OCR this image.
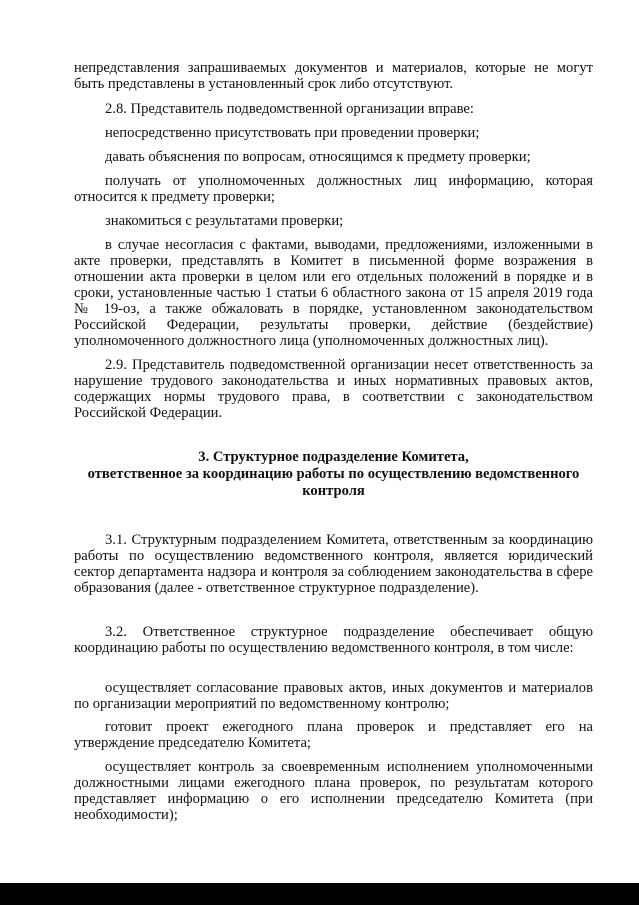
непредставления запрашиваемых документов и материалов, которые не могут быть представлены в установленный срок либо отсутствуют.

2.8. Представитель подведомственной организации вправе:

непосредственно присутствовать при проведении проверки;

давать объяснения по вопросам, относящимся к предмету проверки;

получать от уполномоченных должностных лиц информацию, которая относится к предмету проверки;

знакомиться с результатами проверки;

в случае несогласия с фактами, выводами, предложениями, изложенными в акте проверки, представлять в Комитет в письменной форме возражения в отношении акта проверки в целом или его отдельных положений в порядке и в сроки, установленные частью 1 статьи 6 областного закона от 15 апреля 2019 года № 19-оз, а также обжаловать в порядке, установленном законодательством Российской Федерации, результаты проверки, действие (бездействие) уполномоченного должностного лица (уполномоченных должностных лиц).

2.9. Представитель подведомственной организации несет ответственность за нарушение трудового законодательства и иных нормативных правовых актов, содержащих нормы трудового права, в соответствии с законодательством Российской Федерации.

3. Структурное подразделение Комитета,
ответственное за координацию работы по осуществлению ведомственного
контроля

3.1. Структурным подразделением Комитета, ответственным за координацию работы по осуществлению ведомственного контроля, является юридический сектор департамента надзора и контроля за соблюдением законодательства в сфере образования (далее - ответственное структурное подразделение).

3.2. Ответственное структурное подразделение обеспечивает общую координацию работы по осуществлению ведомственного контроля, в том числе:

осуществляет согласование правовых актов, иных документов и материалов по организации мероприятий по ведомственному контролю;

готовит проект ежегодного плана проверок и представляет его на утверждение председателю Комитета;

осуществляет контроль за своевременным исполнением уполномоченными должностными лицами ежегодного плана проверок, по результатам которого представляет информацию о его исполнении председателю Комитета (при необходимости);
